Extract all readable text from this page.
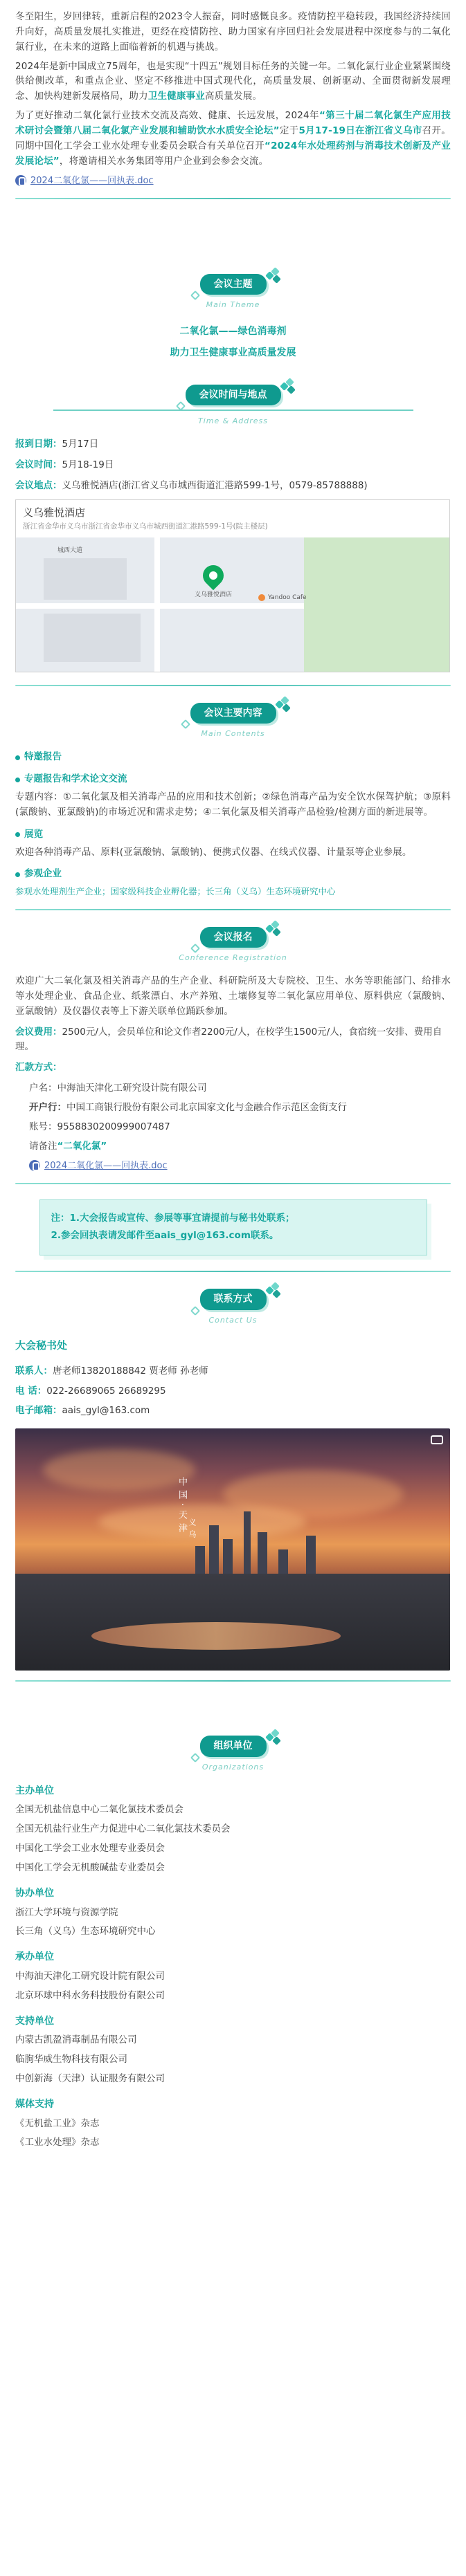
冬至阳生，岁回律转，重新启程的2023令人振奋，同时感慨良多。疫情防控平稳转段，我国经济持续回升向好，高质量发展扎实推进，更经在疫情防控、助力国家有序回归社会发展进程中深度参与的二氧化氯行业，在未来的道路上面临着新的机遇与挑战。

2024年是新中国成立75周年，也是实现“十四五”规划目标任务的关键一年。二氧化氯行业企业紧紧围绕供给侧改革，和重点企业、坚定不移推进中国式现代化，高质量发展、创新驱动、全面贯彻新发展理念、加快构建新发展格局，助力卫生健康事业高质量发展。

为了更好推动二氧化氯行业技术交流及高效、健康、长远发展，2024年“第三十届二氧化氯生产应用技术研讨会暨第八届二氧化氯产业发展和辅助饮水水质安全论坛”定于5月17-19日在浙江省义乌市召开。同期中国化工学会工业水处理专业委员会联合有关单位召开“2024年水处理药剂与消毒技术创新及产业发展论坛”，将邀请相关水务集团等用户企业到会参会交流。

2024二氧化氯——回执表.doc
会议主题
Main Theme
二氧化氯——绿色消毒剂
助力卫生健康事业高质量发展
会议时间与地点
Time & Address
报到日期：5月17日
会议时间：5月18-19日
会议地点：义乌雅悦酒店(浙江省义乌市城西街道汇港路599-1号，0579-85788888)
义乌雅悦酒店
浙江省金华市义乌市浙江省金华市义乌市城西街道汇港路599-1号(院主楼层)
义乌雅悦酒店	Yandoo Cafe
城西大道
会议主要内容
Main Contents
特邀报告
专题报告和学术论文交流

专题内容：①二氧化氯及相关消毒产品的应用和技术创新；②绿色消毒产品为安全饮水保驾护航；③原料(氯酸钠、亚氯酸钠)的市场近况和需求走势；④二氧化氯及相关消毒产品检验/检测方面的新进展等。

展览

欢迎各种消毒产品、原料(亚氯酸钠、氯酸钠)、便携式仪器、在线式仪器、计量泵等企业参展。

参观企业
参观水处理剂生产企业；国家级科技企业孵化器；长三角（义乌）生态环境研究中心
会议报名
Conference Registration

欢迎广大二氧化氯及相关消毒产品的生产企业、科研院所及大专院校、卫生、水务等职能部门、给排水等水处理企业、食品企业、纸浆漂白、水产养殖、土壤修复等二氧化氯应用单位、原料供应（氯酸钠、亚氯酸钠）及仪器仪表等上下游关联单位踊跃参加。

会议费用：2500元/人，会员单位和论文作者2200元/人，在校学生1500元/人，食宿统一安排、费用自理。
汇款方式：
户名：中海油天津化工研究设计院有限公司
开户行：中国工商银行股份有限公司北京国家文化与金融合作示范区金街支行
账号：9558830200999007487
请备注“二氧化氯”
2024二氧化氯——回执表.doc
注：1.大会报告或宣传、参展等事宜请提前与秘书处联系；
2.参会回执表请发邮件至aais_gyl@163.com联系。
联系方式
Contact Us
大会秘书处
联系人：唐老师13820188842 贾老师 孙老师
电 话：022-26689065 26689295
电子邮箱：aais_gyl@163.com
中国·天津 义乌
组织单位
Organizations
主办单位
全国无机盐信息中心二氧化氯技术委员会
全国无机盐行业生产力促进中心二氧化氯技术委员会
中国化工学会工业水处理专业委员会
中国化工学会无机酸碱盐专业委员会
协办单位
浙江大学环境与资源学院
长三角（义乌）生态环境研究中心
承办单位
中海油天津化工研究设计院有限公司
北京环球中科水务科技股份有限公司
支持单位
内蒙古凯盈消毒制品有限公司
临朐华威生物科技有限公司
中创新海（天津）认证服务有限公司
媒体支持
《无机盐工业》杂志
《工业水处理》杂志
